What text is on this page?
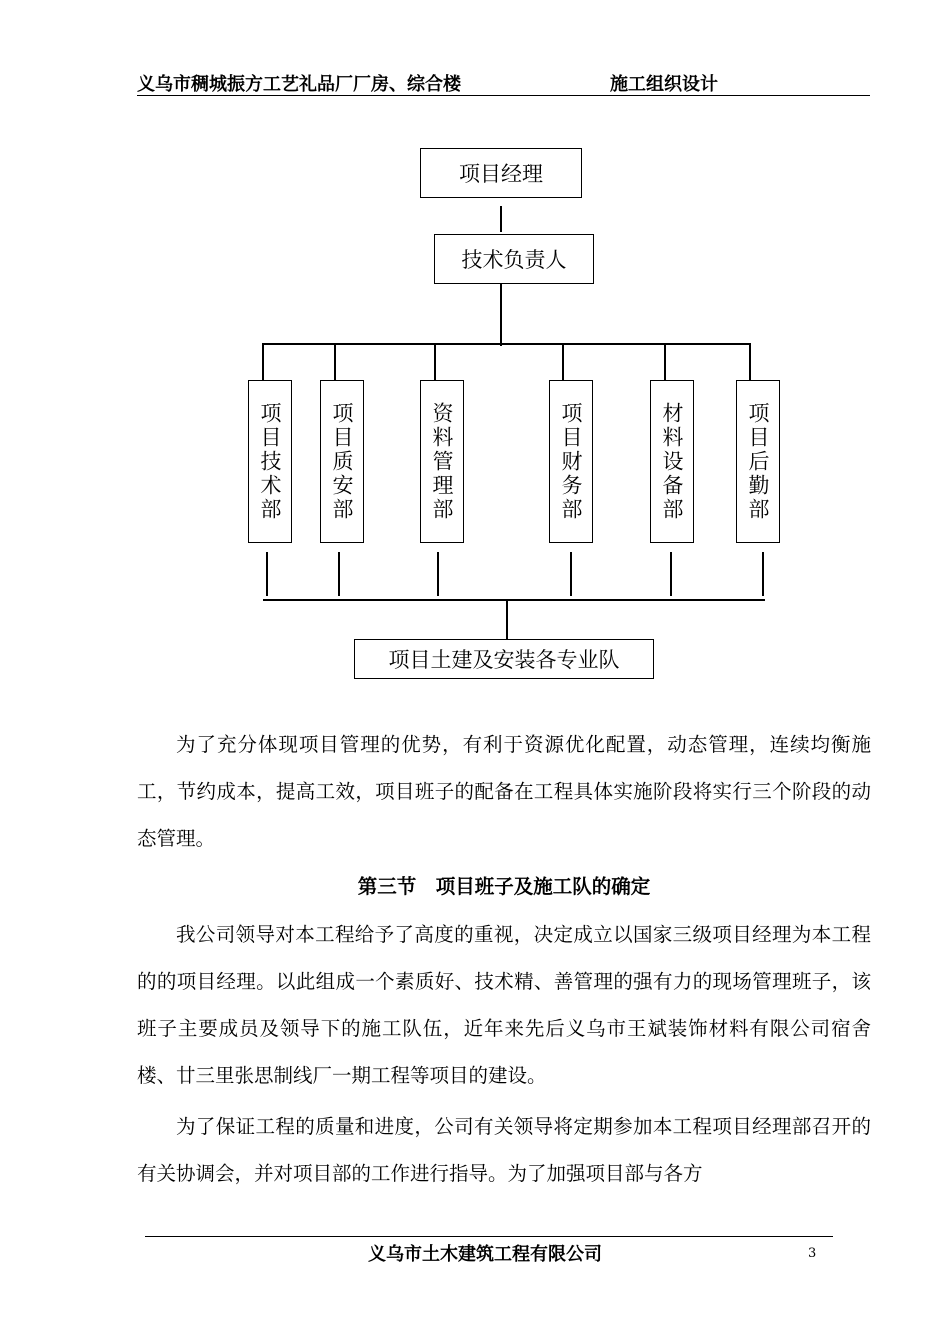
义乌市稠城振方工艺礼品厂厂房、综合楼	施工组织设计
项目经理
技术负责人
项目技术部	项目质安部	资料管理部	项目财务部	材料设备部	项目后勤部
项目土建及安装各专业队
为了充分体现项目管理的优势，有利于资源优化配置，动态管理，连续均衡施工，节约成本，提高工效，项目班子的配备在工程具体实施阶段将实行三个阶段的动态管理。
第三节　项目班子及施工队的确定
我公司领导对本工程给予了高度的重视，决定成立以国家三级项目经理为本工程的的项目经理。以此组成一个素质好、技术精、善管理的强有力的现场管理班子，该班子主要成员及领导下的施工队伍，近年来先后义乌市王斌装饰材料有限公司宿舍楼、廿三里张思制线厂一期工程等项目的建设。
为了保证工程的质量和进度，公司有关领导将定期参加本工程项目经理部召开的有关协调会，并对项目部的工作进行指导。为了加强项目部与各方
义乌市土木建筑工程有限公司	3
